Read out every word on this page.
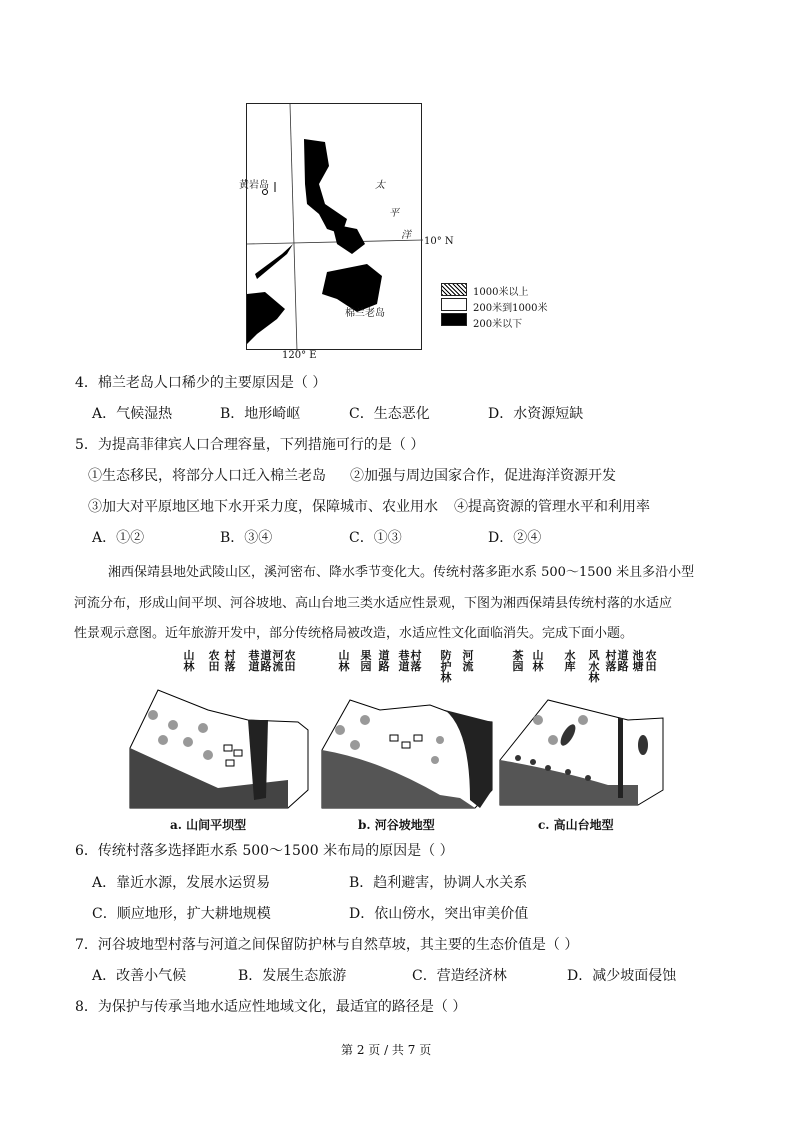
黄岩岛	太
平
洋
棉兰老岛
10° N
120° E
1000米以上
200米到1000米
200米以下
4．棉兰老岛人口稀少的主要原因是（ ）
A．气候湿热	B．地形崎岖	C．生态恶化	D．水资源短缺
5．为提高菲律宾人口合理容量，下列措施可行的是（ ）
①生态移民，将部分人口迁入棉兰老岛 ②加强与周边国家合作，促进海洋资源开发
③加大对平原地区地下水开采力度，保障城市、农业用水 ④提高资源的管理水平和利用率
A．①②	B．③④	C．①③	D．②④
湘西保靖县地处武陵山区，溪河密布、降水季节变化大。传统村落多距水系 500～1500 米且多沿小型
河流分布，形成山间平坝、河谷坡地、高山台地三类水适应性景观，下图为湘西保靖县传统村落的水适应
性景观示意图。近年旅游开发中，部分传统格局被改造，水适应性文化面临消失。完成下面小题。
山林
农田
村落
巷道
道路
河流
农田
a. 山间平坝型
山林
果园
道路
巷道
村落
防护林
河流
b. 河谷坡地型
茶园
山林
水库
风水林
村落
道路
池塘
农田
c. 高山台地型
6．传统村落多选择距水系 500～1500 米布局的原因是（ ）
A．靠近水源，发展水运贸易	B．趋利避害，协调人水关系
C．顺应地形，扩大耕地规模	D．依山傍水，突出审美价值
7．河谷坡地型村落与河道之间保留防护林与自然草坡，其主要的生态价值是（ ）
A．改善小气候	B．发展生态旅游	C．营造经济林	D．减少坡面侵蚀
8．为保护与传承当地水适应性地域文化，最适宜的路径是（ ）
第 2 页 / 共 7 页
